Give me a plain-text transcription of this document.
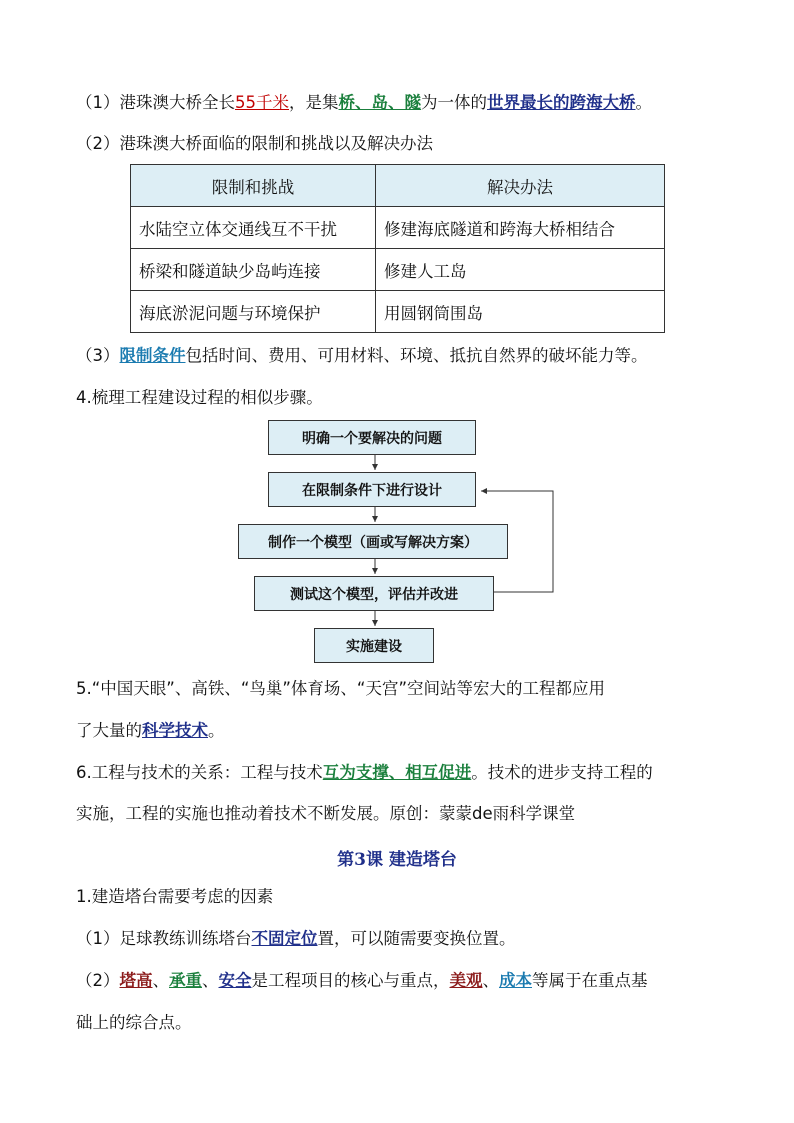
（1）港珠澳大桥全长55千米，是集桥、岛、隧为一体的世界最长的跨海大桥。
（2）港珠澳大桥面临的限制和挑战以及解决办法
限制和挑战	解决办法
水陆空立体交通线互不干扰	修建海底隧道和跨海大桥相结合
桥梁和隧道缺少岛屿连接	修建人工岛
海底淤泥问题与环境保护	用圆钢筒围岛
（3）限制条件包括时间、费用、可用材料、环境、抵抗自然界的破坏能力等。
4.梳理工程建设过程的相似步骤。
明确一个要解决的问题
在限制条件下进行设计
制作一个模型（画或写解决方案）
测试这个模型，评估并改进
实施建设
5.“中国天眼”、高铁、“鸟巢”体育场、“天宫”空间站等宏大的工程都应用
了大量的科学技术。
6.工程与技术的关系：工程与技术互为支撑、相互促进。技术的进步支持工程的
实施，工程的实施也推动着技术不断发展。原创：蒙蒙de雨科学课堂
第3课 建造塔台
1.建造塔台需要考虑的因素
（1）足球教练训练塔台不固定位置，可以随需要变换位置。
（2）塔高、承重、安全是工程项目的核心与重点，美观、成本等属于在重点基
础上的综合点。
